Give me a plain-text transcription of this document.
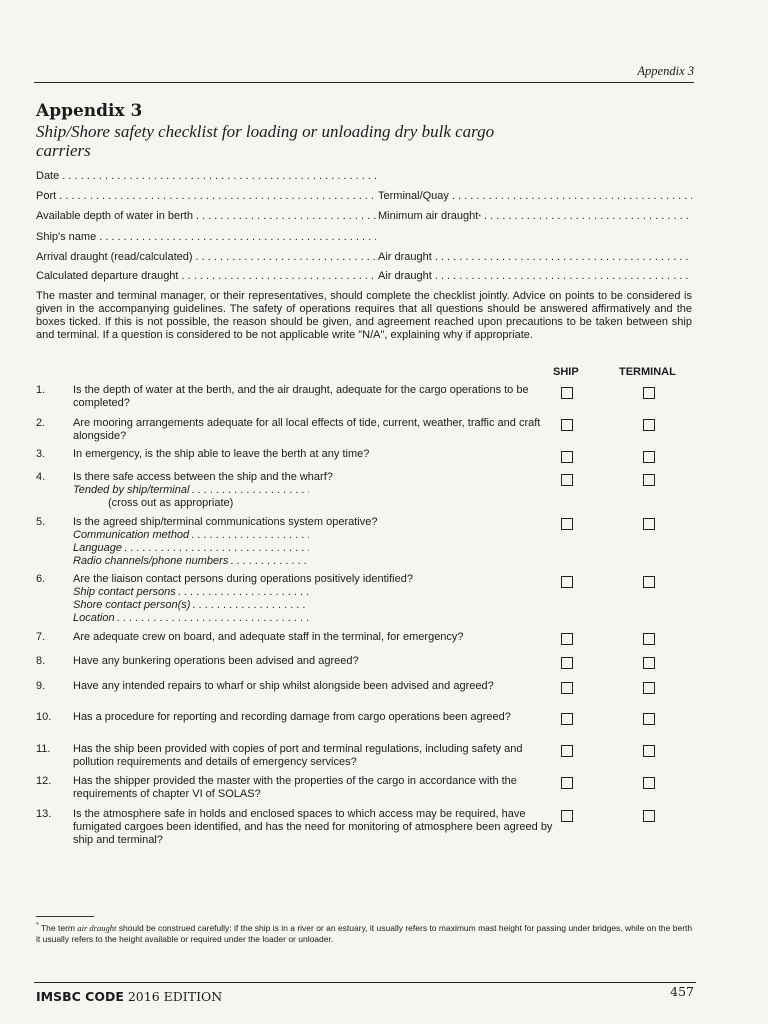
Appendix 3
Appendix 3
Ship/Shore safety checklist for loading or unloading dry bulk cargo carriers
Date
. . .
Port . . .	Terminal/Quay
. . .
Available depth of water in berth . . .	Minimum air draught *
. . .
Ship's name
. . .
Arrival draught (read/calculated) . . .	Air draught
. . .
Calculated departure draught . . .	Air draught
. . .
The master and terminal manager, or their representatives, should complete the checklist jointly. Advice on points to be considered is given in the accompanying guidelines. The safety of operations requires that all questions should be answered affirmatively and the boxes ticked. If this is not possible, the reason should be given, and agreement reached upon precautions to be taken between ship and terminal. If a question is considered to be not applicable write "N/A", explaining why if appropriate.
SHIP	TERMINAL
1.	Is the depth of water at the berth, and the air draught, adequate for the cargo operations to be completed?
2.	Are mooring arrangements adequate for all local effects of tide, current, weather, traffic and craft alongside?
3.	In emergency, is the ship able to leave the berth at any time?
4.	Is there safe access between the ship and the wharf?
Tended by ship/terminal
. . .
(cross out as appropriate)
5.	Is the agreed ship/terminal communications system operative?
Communication method
. . .
Language
. . .
Radio channels/phone numbers
. . .
6.	Are the liaison contact persons during operations positively identified?
Ship contact persons
. . .
Shore contact person(s)
. . .
Location
. . .
7.	Are adequate crew on board, and adequate staff in the terminal, for emergency?
8.	Have any bunkering operations been advised and agreed?
9.	Have any intended repairs to wharf or ship whilst alongside been advised and agreed?
10.	Has a procedure for reporting and recording damage from cargo operations been agreed?
11.	Has the ship been provided with copies of port and terminal regulations, including safety and pollution requirements and details of emergency services?
12.	Has the shipper provided the master with the properties of the cargo in accordance with the requirements of chapter VI of SOLAS?
13.	Is the atmosphere safe in holds and enclosed spaces to which access may be required, have fumigated cargoes been identified, and has the need for monitoring of atmosphere been agreed by ship and terminal?
* The term air draught should be construed carefully: if the ship is in a river or an estuary, it usually refers to maximum mast height for passing under bridges, while on the berth it usually refers to the height available or required under the loader or unloader.
IMSBC CODE 2016 EDITION	457
